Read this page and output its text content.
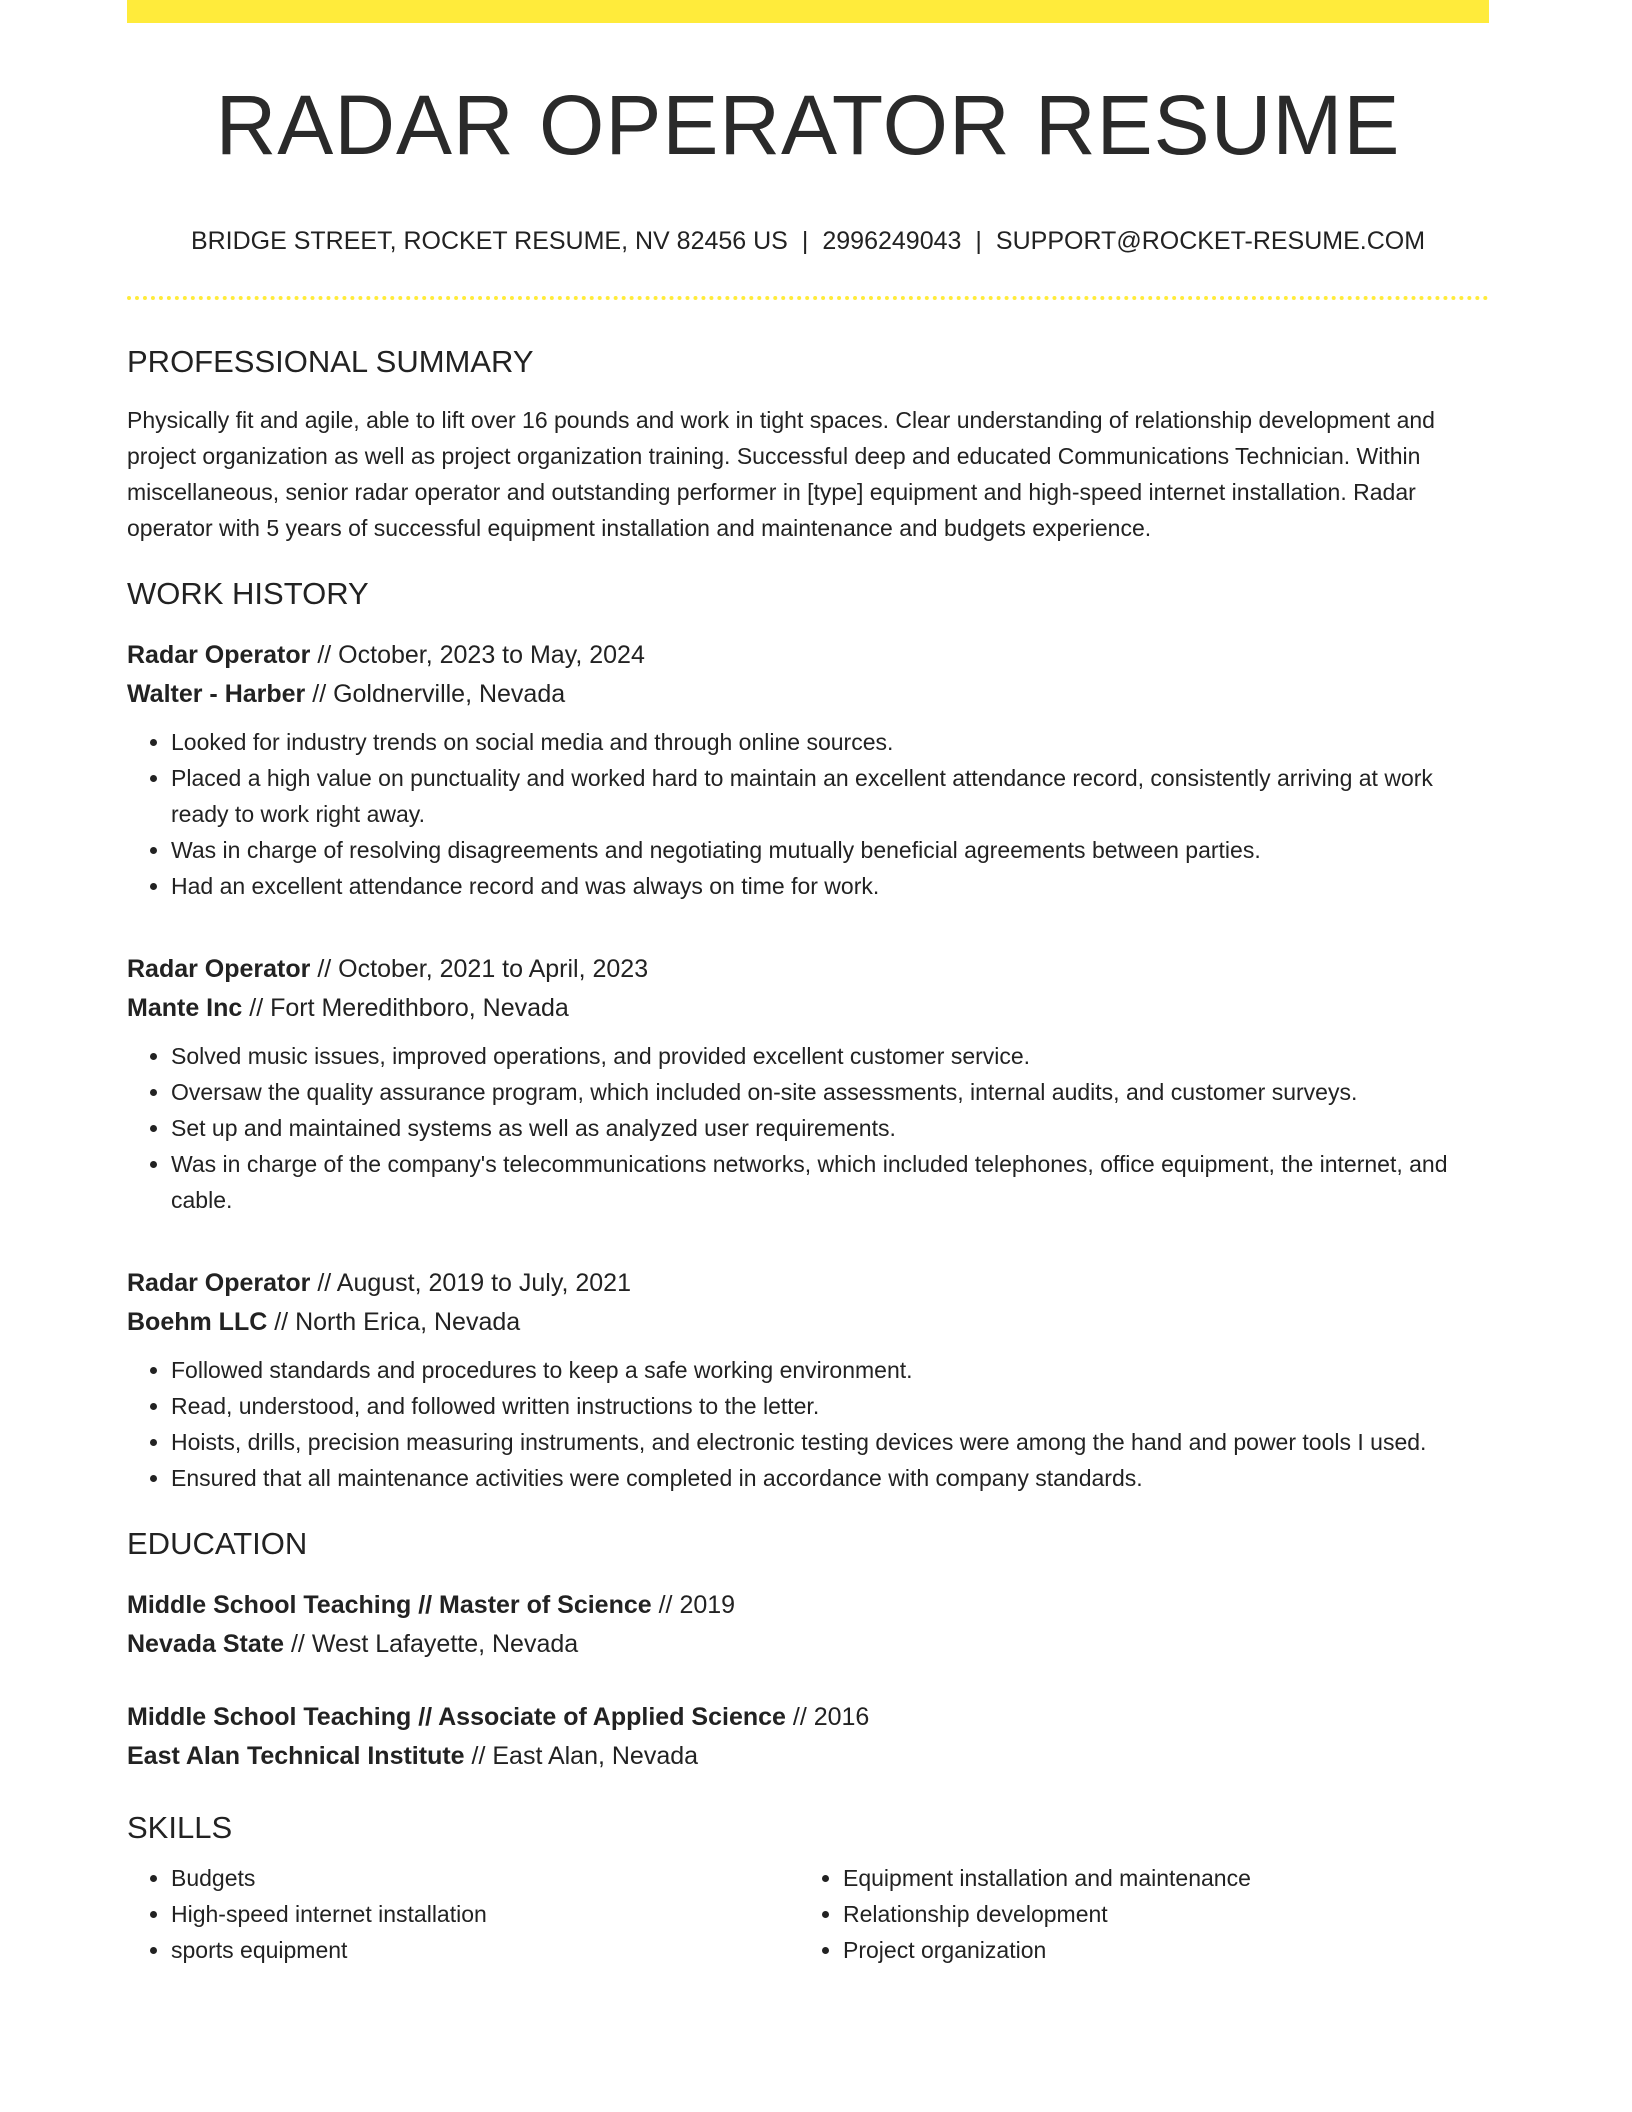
RADAR OPERATOR RESUME
BRIDGE STREET, ROCKET RESUME, NV 82456 US | 2996249043 | SUPPORT@ROCKET-RESUME.COM
PROFESSIONAL SUMMARY
Physically fit and agile, able to lift over 16 pounds and work in tight spaces. Clear understanding of relationship development and project organization as well as project organization training. Successful deep and educated Communications Technician. Within miscellaneous, senior radar operator and outstanding performer in [type] equipment and high-speed internet installation. Radar operator with 5 years of successful equipment installation and maintenance and budgets experience.
WORK HISTORY
Radar Operator // October, 2023 to May, 2024
Walter - Harber // Goldnerville, Nevada
• Looked for industry trends on social media and through online sources.
• Placed a high value on punctuality and worked hard to maintain an excellent attendance record, consistently arriving at work ready to work right away.
• Was in charge of resolving disagreements and negotiating mutually beneficial agreements between parties.
• Had an excellent attendance record and was always on time for work.
Radar Operator // October, 2021 to April, 2023
Mante Inc // Fort Meredithboro, Nevada
• Solved music issues, improved operations, and provided excellent customer service.
• Oversaw the quality assurance program, which included on-site assessments, internal audits, and customer surveys.
• Set up and maintained systems as well as analyzed user requirements.
• Was in charge of the company's telecommunications networks, which included telephones, office equipment, the internet, and cable.
Radar Operator // August, 2019 to July, 2021
Boehm LLC // North Erica, Nevada
• Followed standards and procedures to keep a safe working environment.
• Read, understood, and followed written instructions to the letter.
• Hoists, drills, precision measuring instruments, and electronic testing devices were among the hand and power tools I used.
• Ensured that all maintenance activities were completed in accordance with company standards.
EDUCATION
Middle School Teaching // Master of Science // 2019
Nevada State // West Lafayette, Nevada
Middle School Teaching // Associate of Applied Science // 2016
East Alan Technical Institute // East Alan, Nevada
SKILLS
• Budgets
• High-speed internet installation
• sports equipment
• Equipment installation and maintenance
• Relationship development
• Project organization
